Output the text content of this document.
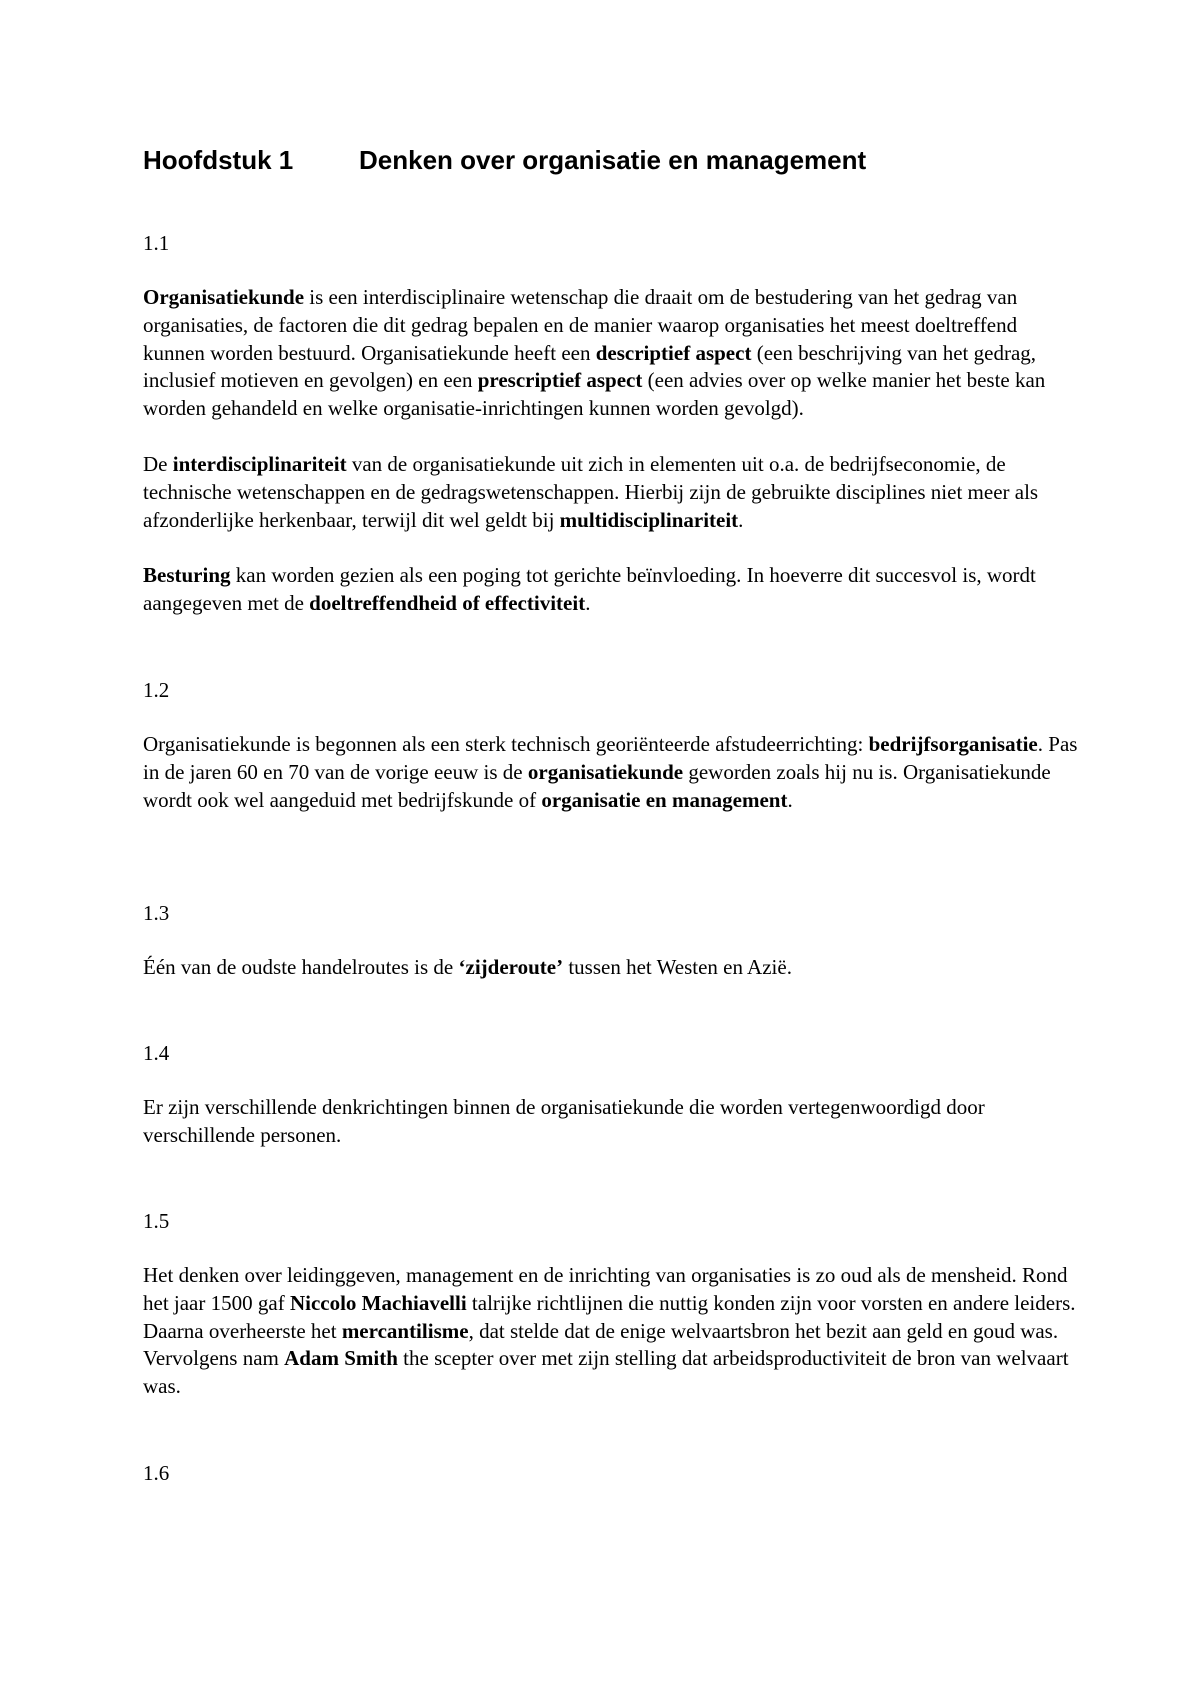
Hoofdstuk 1	Denken over organisatie en management

1.1

Organisatiekunde is een interdisciplinaire wetenschap die draait om de bestudering van het gedrag van organisaties, de factoren die dit gedrag bepalen en de manier waarop organisaties het meest doeltreffend kunnen worden bestuurd. Organisatiekunde heeft een descriptief aspect (een beschrijving van het gedrag, inclusief motieven en gevolgen) en een prescriptief aspect (een advies over op welke manier het beste kan worden gehandeld en welke organisatie-inrichtingen kunnen worden gevolgd).

De interdisciplinariteit van de organisatiekunde uit zich in elementen uit o.a. de bedrijfseconomie, de technische wetenschappen en de gedragswetenschappen. Hierbij zijn de gebruikte disciplines niet meer als afzonderlijke herkenbaar, terwijl dit wel geldt bij multidisciplinariteit.

Besturing kan worden gezien als een poging tot gerichte beïnvloeding. In hoeverre dit succesvol is, wordt aangegeven met de doeltreffendheid of effectiviteit.

1.2

Organisatiekunde is begonnen als een sterk technisch georiënteerde afstudeerrichting: bedrijfsorganisatie. Pas in de jaren 60 en 70 van de vorige eeuw is de organisatiekunde geworden zoals hij nu is. Organisatiekunde wordt ook wel aangeduid met bedrijfskunde of organisatie en management.

1.3

Één van de oudste handelroutes is de ‘zijderoute’ tussen het Westen en Azië.

1.4

Er zijn verschillende denkrichtingen binnen de organisatiekunde die worden vertegenwoordigd door verschillende personen.

1.5

Het denken over leidinggeven, management en de inrichting van organisaties is zo oud als de mensheid. Rond het jaar 1500 gaf Niccolo Machiavelli talrijke richtlijnen die nuttig konden zijn voor vorsten en andere leiders. Daarna overheerste het mercantilisme, dat stelde dat de enige welvaartsbron het bezit aan geld en goud was. Vervolgens nam Adam Smith the scepter over met zijn stelling dat arbeidsproductiviteit de bron van welvaart was.

1.6
